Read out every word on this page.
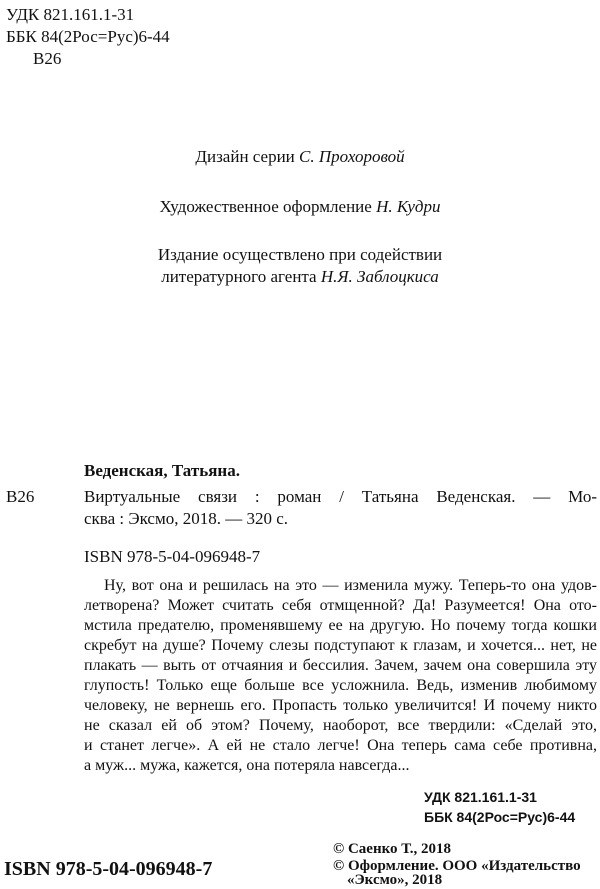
УДК 821.161.1-31
ББК 84(2Рос=Рус)6-44
В26
Дизайн серии С. Прохоровой
Художественное оформление Н. Кудри
Издание осуществлено при содействии
литературного агента Н.Я. Заблоцкиса
Веденская, Татьяна.
В26	Виртуальные связи : роман / Татьяна Веденская. — Мо-
сква : Эксмо, 2018. — 320 с.
ISBN 978-5-04-096948-7
Ну, вот она и решилась на это — изменила мужу. Теперь-то она удов-
летворена? Может считать себя отмщенной? Да! Разумеется! Она ото-
мстила предателю, променявшему ее на другую. Но почему тогда кошки
скребут на душе? Почему слезы подступают к глазам, и хочется... нет, не
плакать — выть от отчаяния и бессилия. Зачем, зачем она совершила эту
глупость! Только еще больше все усложнила. Ведь, изменив любимому
человеку, не вернешь его. Пропасть только увеличится! И почему никто
не сказал ей об этом? Почему, наоборот, все твердили: «Сделай это,
и станет легче». А ей не стало легче! Она теперь сама себе противна,
а муж... мужа, кажется, она потеряла навсегда...
УДК 821.161.1-31
ББК 84(2Рос=Рус)6-44
© Саенко Т., 2018
© Оформление. ООО «Издательство
«Эксмо», 2018
ISBN 978-5-04-096948-7
